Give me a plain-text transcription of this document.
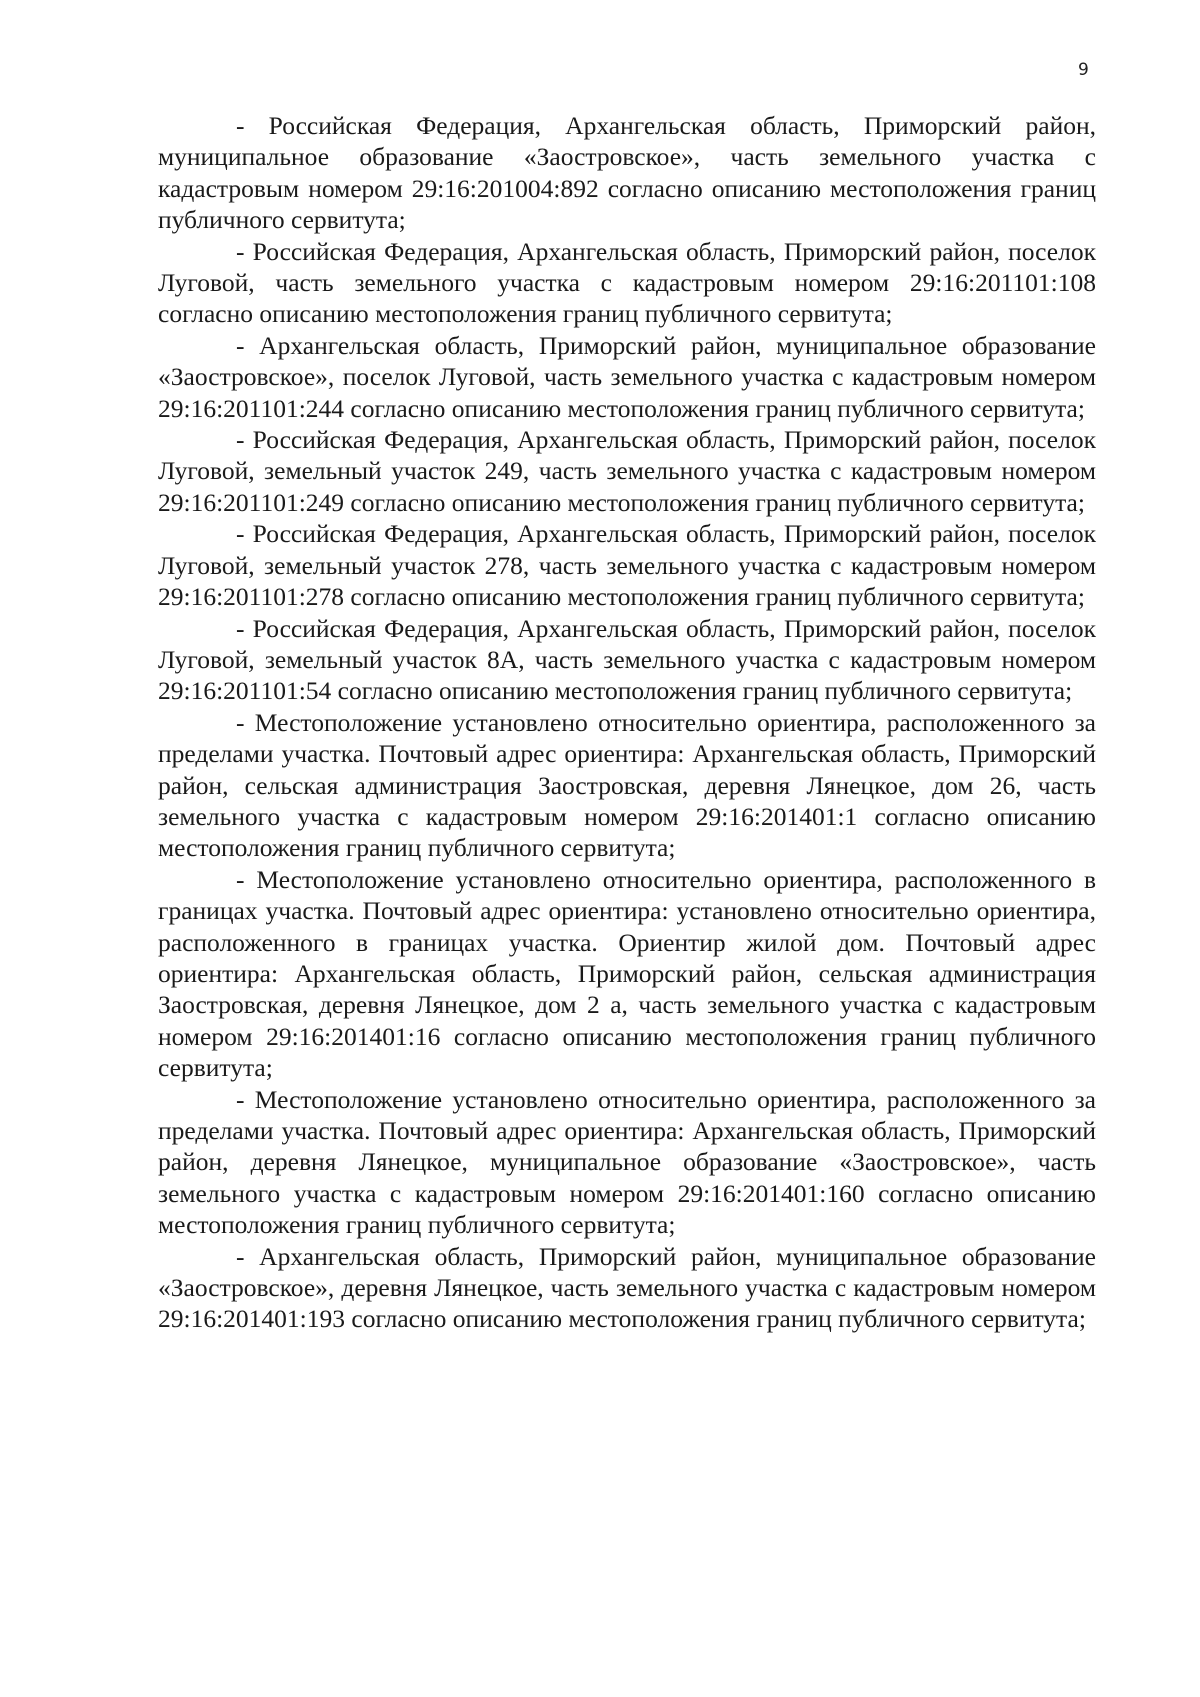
9

- Российская Федерация, Архангельская область, Приморский район, муниципальное образование «Заостровское», часть земельного участка с кадастровым номером 29:16:201004:892 согласно описанию местоположения границ публичного сервитута;

- Российская Федерация, Архангельская область, Приморский район, поселок Луговой, часть земельного участка с кадастровым номером 29:16:201101:108 согласно описанию местоположения границ публичного сервитута;

- Архангельская область, Приморский район, муниципальное образование «Заостровское», поселок Луговой, часть земельного участка с кадастровым номером 29:16:201101:244 согласно описанию местоположения границ публичного сервитута;

- Российская Федерация, Архангельская область, Приморский район, поселок Луговой, земельный участок 249, часть земельного участка с кадастровым номером 29:16:201101:249 согласно описанию местоположения границ публичного сервитута;

- Российская Федерация, Архангельская область, Приморский район, поселок Луговой, земельный участок 278, часть земельного участка с кадастровым номером 29:16:201101:278 согласно описанию местоположения границ публичного сервитута;

- Российская Федерация, Архангельская область, Приморский район, поселок Луговой, земельный участок 8А, часть земельного участка с кадастровым номером 29:16:201101:54 согласно описанию местоположения границ публичного сервитута;

- Местоположение установлено относительно ориентира, расположенного за пределами участка. Почтовый адрес ориентира: Архангельская область, Приморский район, сельская администрация Заостровская, деревня Лянецкое, дом 26, часть земельного участка с кадастровым номером 29:16:201401:1 согласно описанию местоположения границ публичного сервитута;

- Местоположение установлено относительно ориентира, расположенного в границах участка. Почтовый адрес ориентира: установлено относительно ориентира, расположенного в границах участка. Ориентир жилой дом. Почтовый адрес ориентира: Архангельская область, Приморский район, сельская администрация Заостровская, деревня Лянецкое, дом 2 а, часть земельного участка с кадастровым номером 29:16:201401:16 согласно описанию местоположения границ публичного сервитута;

- Местоположение установлено относительно ориентира, расположенного за пределами участка. Почтовый адрес ориентира: Архангельская область, Приморский район, деревня Лянецкое, муниципальное образование «Заостровское», часть земельного участка с кадастровым номером 29:16:201401:160 согласно описанию местоположения границ публичного сервитута;

- Архангельская область, Приморский район, муниципальное образование «Заостровское», деревня Лянецкое, часть земельного участка с кадастровым номером 29:16:201401:193 согласно описанию местоположения границ публичного сервитута;
